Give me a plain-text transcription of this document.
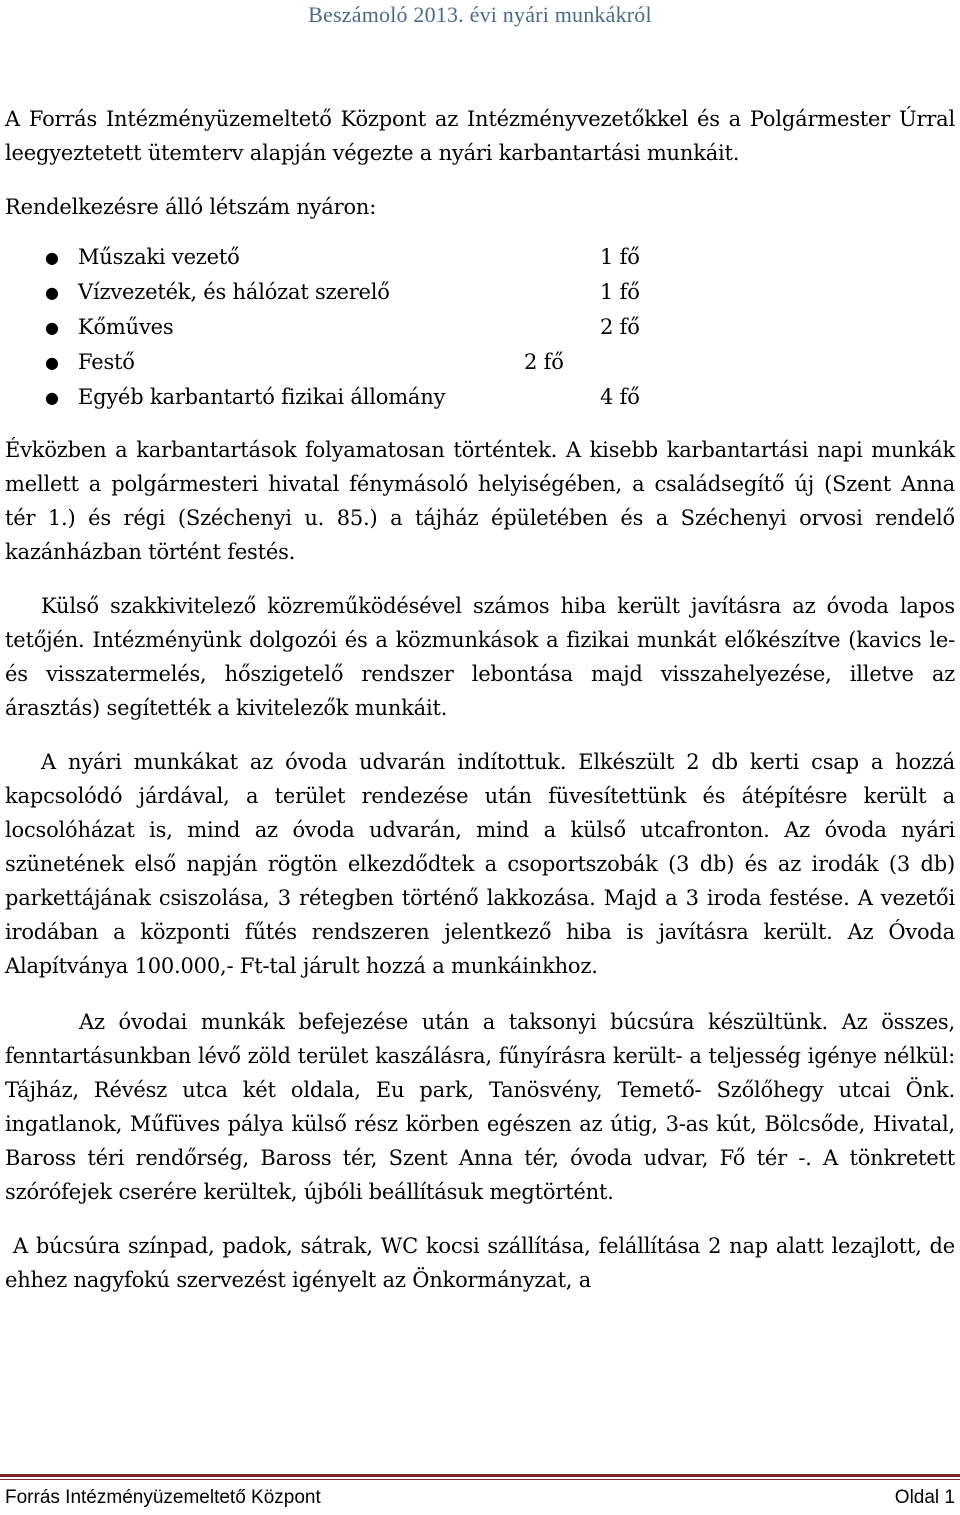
Beszámoló 2013. évi nyári munkákról

A Forrás Intézményüzemeltető Központ az Intézményvezetőkkel és a Polgármester Úrral leegyeztetett ütemterv alapján végezte a nyári karbantartási munkáit.

Rendelkezésre álló létszám nyáron:

● Műszaki vezető	1 fő
● Vízvezeték, és hálózat szerelő	1 fő
● Kőműves	2 fő
● Festő	2 fő
● Egyéb karbantartó fizikai állomány	4 fő

Évközben a karbantartások folyamatosan történtek. A kisebb karbantartási napi munkák mellett a polgármesteri hivatal fénymásoló helyiségében, a családsegítő új (Szent Anna tér 1.) és régi (Széchenyi u. 85.) a tájház épületében és a Széchenyi orvosi rendelő kazánházban történt festés.

Külső szakkivitelező közreműködésével számos hiba került javításra az óvoda lapos tetőjén. Intézményünk dolgozói és a közmunkások a fizikai munkát előkészítve (kavics le- és visszatermelés, hőszigetelő rendszer lebontása majd visszahelyezése, illetve az árasztás) segítették a kivitelezők munkáit.

A nyári munkákat az óvoda udvarán indítottuk. Elkészült 2 db kerti csap a hozzá kapcsolódó járdával, a terület rendezése után füvesítettünk és átépítésre került a locsolóházat is, mind az óvoda udvarán, mind a külső utcafronton. Az óvoda nyári szünetének első napján rögtön elkezdődtek a csoportszobák (3 db) és az irodák (3 db) parkettájának csiszolása, 3 rétegben történő lakkozása. Majd a 3 iroda festése. A vezetői irodában a központi fűtés rendszeren jelentkező hiba is javításra került. Az Óvoda Alapítványa 100.000,- Ft-tal járult hozzá a munkáinkhoz.

Az óvodai munkák befejezése után a taksonyi búcsúra készültünk. Az összes, fenntartásunkban lévő zöld terület kaszálásra, fűnyírásra került- a teljesség igénye nélkül: Tájház, Révész utca két oldala, Eu park, Tanösvény, Temető- Szőlőhegy utcai Önk. ingatlanok, Műfüves pálya külső rész körben egészen az útig, 3-as kút, Bölcsőde, Hivatal, Baross téri rendőrség, Baross tér, Szent Anna tér, óvoda udvar, Fő tér -. A tönkretett szórófejek cserére kerültek, újbóli beállításuk megtörtént.

A búcsúra színpad, padok, sátrak, WC kocsi szállítása, felállítása 2 nap alatt lezajlott, de ehhez nagyfokú szervezést igényelt az Önkormányzat, a

Forrás Intézményüzemeltető Központ	Oldal 1
